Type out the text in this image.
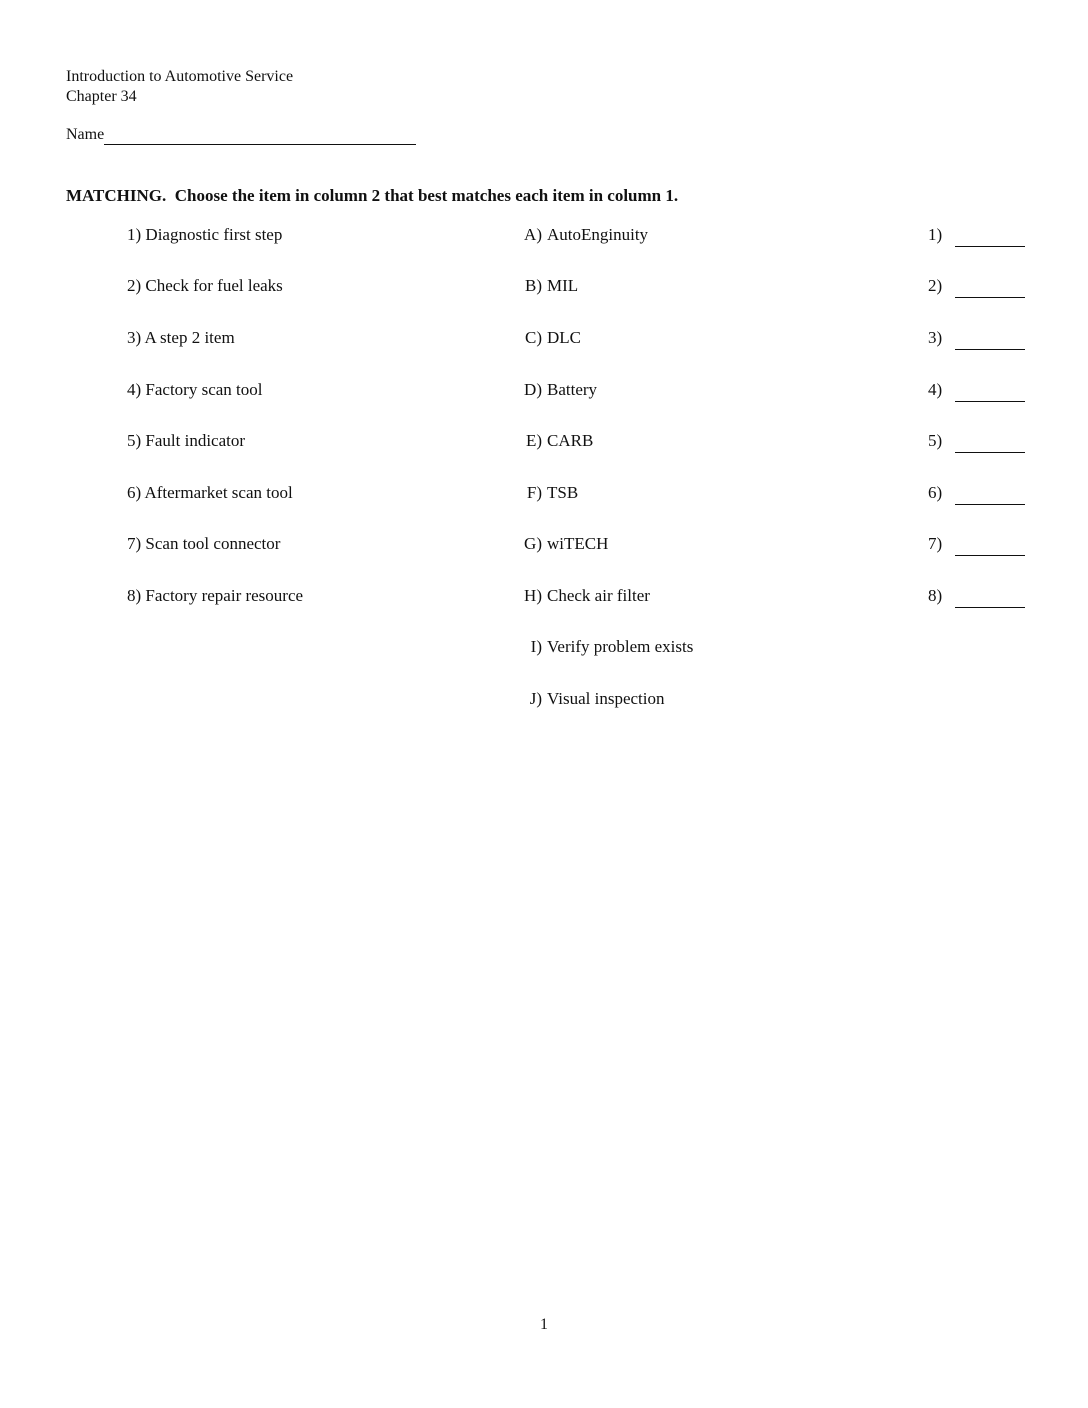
Introduction to Automotive Service
Chapter 34
Name
MATCHING.  Choose the item in column 2 that best matches each item in column 1.
1) Diagnostic first step	A) AutoEnginuity	1)
2) Check for fuel leaks	B) MIL	2)
3) A step 2 item	C) DLC	3)
4) Factory scan tool	D) Battery	4)
5) Fault indicator	E) CARB	5)
6) Aftermarket scan tool	F) TSB	6)
7) Scan tool connector	G) wiTECH	7)
8) Factory repair resource	H) Check air filter	8)
I) Verify problem exists
J) Visual inspection
1
